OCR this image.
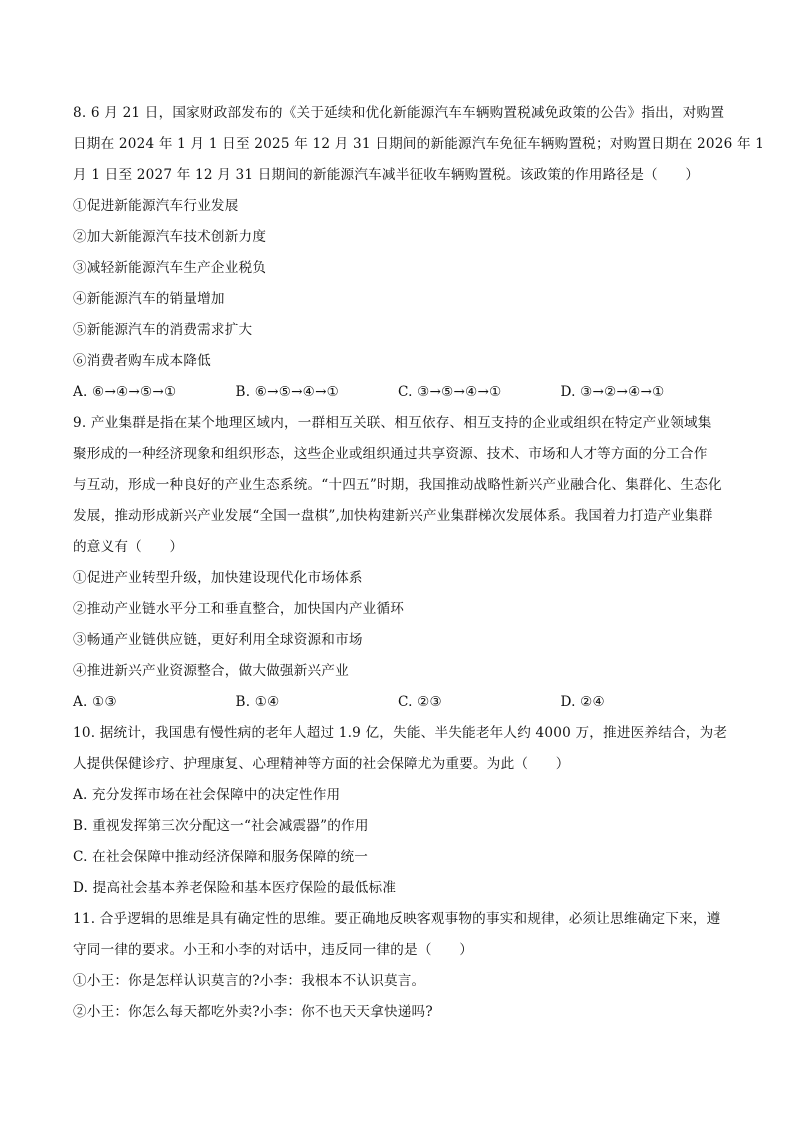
8. 6 月 21 日，国家财政部发布的《关于延续和优化新能源汽车车辆购置税减免政策的公告》指出，对购置
日期在 2024 年 1 月 1 日至 2025 年 12 月 31 日期间的新能源汽车免征车辆购置税；对购置日期在 2026 年 1
月 1 日至 2027 年 12 月 31 日期间的新能源汽车减半征收车辆购置税。该政策的作用路径是（　　）

①促进新能源汽车行业发展
②加大新能源汽车技术创新力度
③减轻新能源汽车生产企业税负
④新能源汽车的销量增加
⑤新能源汽车的消费需求扩大
⑥消费者购车成本降低
A. ⑥→④→⑤→①	B. ⑥→⑤→④→①	C. ③→⑤→④→①	D. ③→②→④→①

9. 产业集群是指在某个地理区域内，一群相互关联、相互依存、相互支持的企业或组织在特定产业领域集
聚形成的一种经济现象和组织形态，这些企业或组织通过共享资源、技术、市场和人才等方面的分工合作
与互动，形成一种良好的产业生态系统。“十四五”时期，我国推动战略性新兴产业融合化、集群化、生态化
发展，推动形成新兴产业发展“全国一盘棋”,加快构建新兴产业集群梯次发展体系。我国着力打造产业集群
的意义有（　　）

①促进产业转型升级，加快建设现代化市场体系
②推动产业链水平分工和垂直整合，加快国内产业循环
③畅通产业链供应链，更好利用全球资源和市场
④推进新兴产业资源整合，做大做强新兴产业
A. ①③	B. ①④	C. ②③	D. ②④

10. 据统计，我国患有慢性病的老年人超过 1.9 亿，失能、半失能老年人约 4000 万，推进医养结合，为老
人提供保健诊疗、护理康复、心理精神等方面的社会保障尤为重要。为此（　　）

A. 充分发挥市场在社会保障中的决定性作用
B. 重视发挥第三次分配这一“社会减震器”的作用
C. 在社会保障中推动经济保障和服务保障的统一
D. 提高社会基本养老保险和基本医疗保险的最低标准

11. 合乎逻辑的思维是具有确定性的思维。要正确地反映客观事物的事实和规律，必须让思维确定下来，遵
守同一律的要求。小王和小李的对话中，违反同一律的是（　　）

①小王：你是怎样认识莫言的?小李：我根本不认识莫言。
②小王：你怎么每天都吃外卖?小李：你不也天天拿快递吗?
